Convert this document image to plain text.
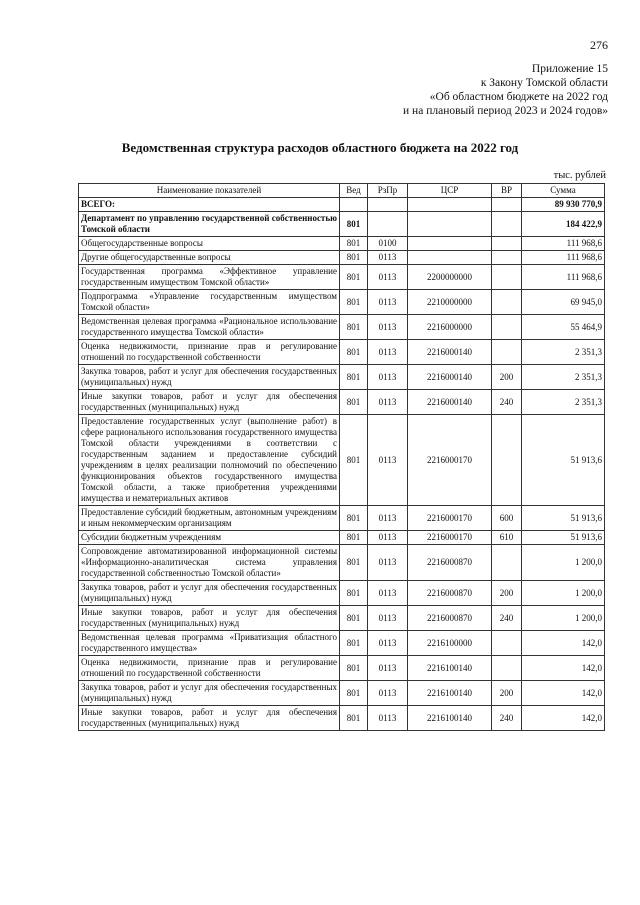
276
Приложение 15
к Закону Томской области
«Об областном бюджете на 2022 год
и на плановый период 2023 и 2024 годов»
Ведомственная структура расходов областного бюджета на 2022 год
тыс. рублей
Наименование показателей	Вед	РзПр	ЦСР	ВР	Сумма
ВСЕГО:					89 930 770,9
Департамент по управлению государственной собственностью Томской области	801				184 422,9
Общегосударственные вопросы	801	0100			111 968,6
Другие общегосударственные вопросы	801	0113			111 968,6
Государственная программа «Эффективное управление государственным имуществом Томской области»	801	0113	2200000000		111 968,6
Подпрограмма «Управление государственным имуществом Томской области»	801	0113	2210000000		69 945,0
Ведомственная целевая программа «Рациональное использование государственного имущества Томской области»	801	0113	2216000000		55 464,9
Оценка недвижимости, признание прав и регулирование отношений по государственной собственности	801	0113	2216000140		2 351,3
Закупка товаров, работ и услуг для обеспечения государственных (муниципальных) нужд	801	0113	2216000140	200	2 351,3
Иные закупки товаров, работ и услуг для обеспечения государственных (муниципальных) нужд	801	0113	2216000140	240	2 351,3
Предоставление государственных услуг (выполнение работ) в сфере рационального использования государственного имущества Томской области учреждениями в соответствии с государственным заданием и предоставление субсидий учреждениям в целях реализации полномочий по обеспечению функционирования объектов государственного имущества Томской области, а также приобретения учреждениями имущества и нематериальных активов	801	0113	2216000170		51 913,6
Предоставление субсидий бюджетным, автономным учреждениям и иным некоммерческим организациям	801	0113	2216000170	600	51 913,6
Субсидии бюджетным учреждениям	801	0113	2216000170	610	51 913,6
Сопровождение автоматизированной информационной системы «Информационно-аналитическая система управления государственной собственностью Томской области»	801	0113	2216000870		1 200,0
Закупка товаров, работ и услуг для обеспечения государственных (муниципальных) нужд	801	0113	2216000870	200	1 200,0
Иные закупки товаров, работ и услуг для обеспечения государственных (муниципальных) нужд	801	0113	2216000870	240	1 200,0
Ведомственная целевая программа «Приватизация областного государственного имущества»	801	0113	2216100000		142,0
Оценка недвижимости, признание прав и регулирование отношений по государственной собственности	801	0113	2216100140		142,0
Закупка товаров, работ и услуг для обеспечения государственных (муниципальных) нужд	801	0113	2216100140	200	142,0
Иные закупки товаров, работ и услуг для обеспечения государственных (муниципальных) нужд	801	0113	2216100140	240	142,0
